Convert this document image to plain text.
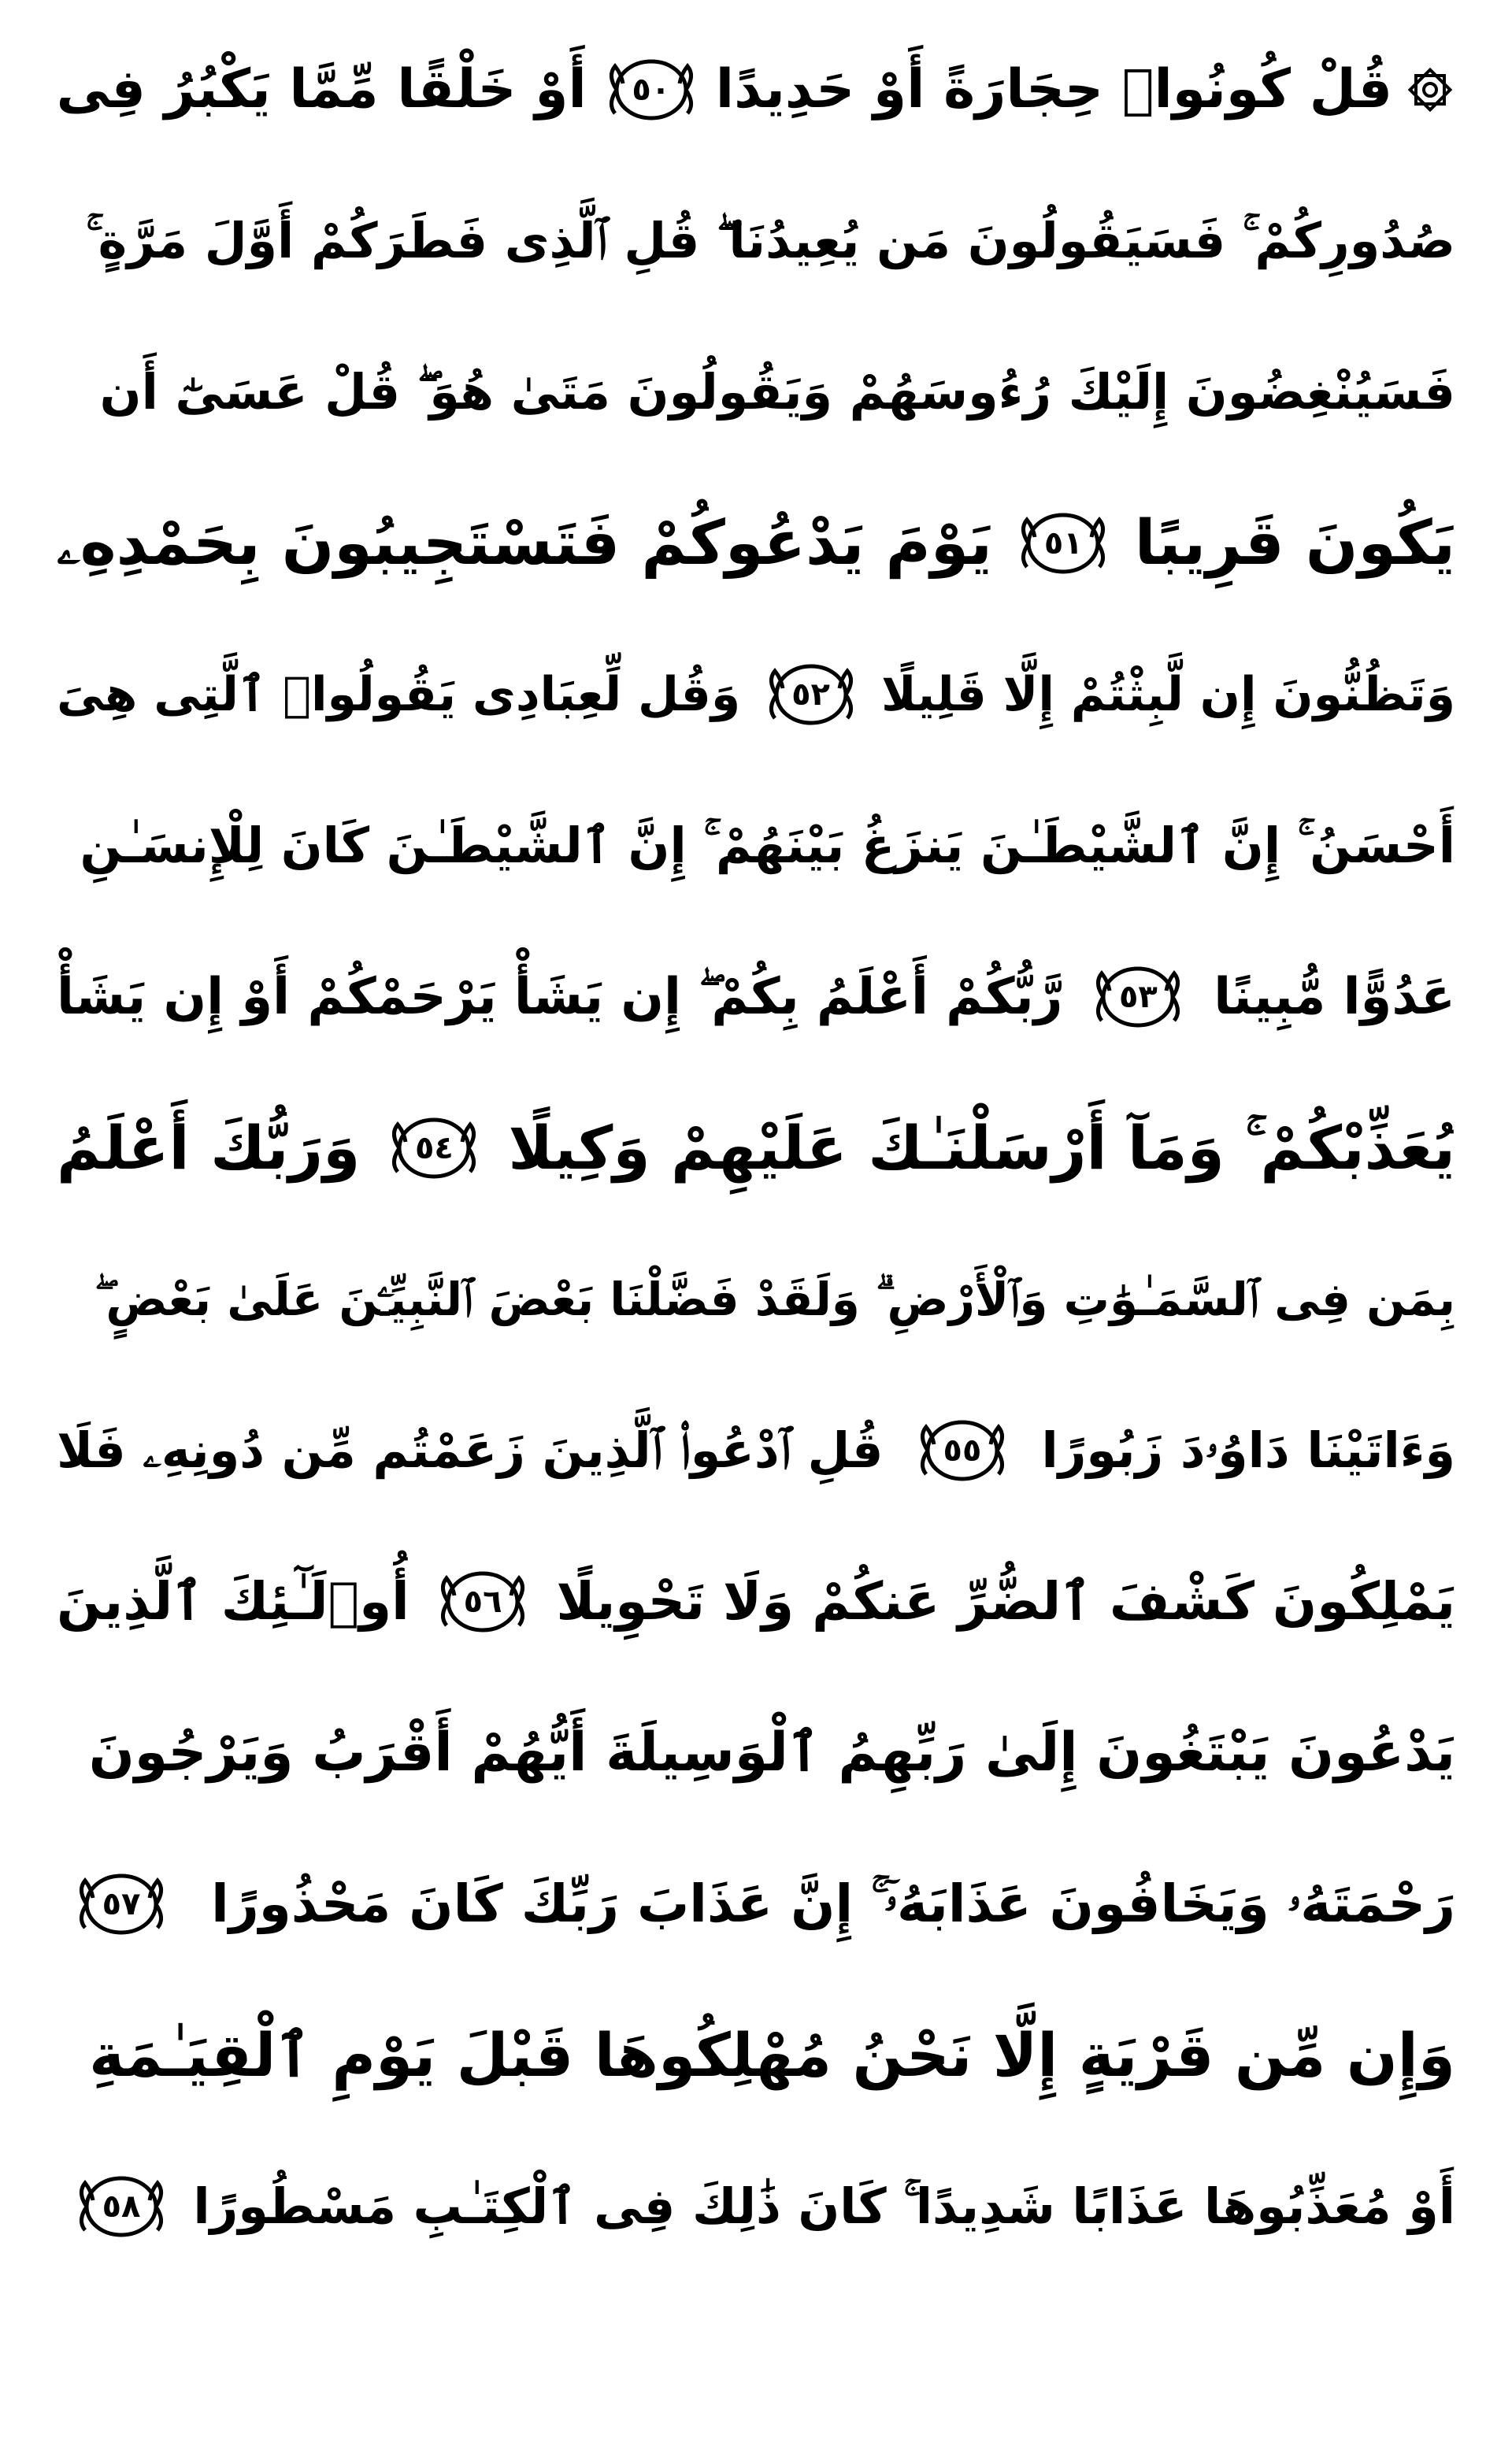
قُلْ كُونُوا۟ حِجَارَةً أَوْ حَدِيدًا
٥٠
أَوْ خَلْقًا مِّمَّا يَكْبُرُ فِى
صُدُورِكُمْ ۚ فَسَيَقُولُونَ مَن يُعِيدُنَا ۖ قُلِ ٱلَّذِى فَطَرَكُمْ أَوَّلَ مَرَّةٍ ۚ
فَسَيُنْغِضُونَ إِلَيْكَ رُءُوسَهُمْ وَيَقُولُونَ مَتَىٰ هُوَ ۖ قُلْ عَسَىٰٓ أَن
يَكُونَ قَرِيبًا
٥١
يَوْمَ يَدْعُوكُمْ فَتَسْتَجِيبُونَ بِحَمْدِهِۦ
وَتَظُنُّونَ إِن لَّبِثْتُمْ إِلَّا قَلِيلًا
٥٢
وَقُل لِّعِبَادِى يَقُولُوا۟ ٱلَّتِى هِىَ
أَحْسَنُ ۚ إِنَّ ٱلشَّيْطَـٰنَ يَنزَغُ بَيْنَهُمْ ۚ إِنَّ ٱلشَّيْطَـٰنَ كَانَ لِلْإِنسَـٰنِ
عَدُوًّا مُّبِينًا
٥٣
رَّبُّكُمْ أَعْلَمُ بِكُمْ ۖ إِن يَشَأْ يَرْحَمْكُمْ أَوْ إِن يَشَأْ
يُعَذِّبْكُمْ ۚ وَمَآ أَرْسَلْنَـٰكَ عَلَيْهِمْ وَكِيلًا
٥٤
وَرَبُّكَ أَعْلَمُ
بِمَن فِى ٱلسَّمَـٰوَٰتِ وَٱلْأَرْضِ ۗ وَلَقَدْ فَضَّلْنَا بَعْضَ ٱلنَّبِيِّـۧنَ عَلَىٰ بَعْضٍ ۖ
وَءَاتَيْنَا دَاوُۥدَ زَبُورًا
٥٥
قُلِ ٱدْعُوا۟ ٱلَّذِينَ زَعَمْتُم مِّن دُونِهِۦ فَلَا
يَمْلِكُونَ كَشْفَ ٱلضُّرِّ عَنكُمْ وَلَا تَحْوِيلًا
٥٦
أُو۟لَـٰٓئِكَ ٱلَّذِينَ
يَدْعُونَ يَبْتَغُونَ إِلَىٰ رَبِّهِمُ ٱلْوَسِيلَةَ أَيُّهُمْ أَقْرَبُ وَيَرْجُونَ
رَحْمَتَهُۥ وَيَخَافُونَ عَذَابَهُۥٓ ۚ إِنَّ عَذَابَ رَبِّكَ كَانَ مَحْذُورًا
٥٧
وَإِن مِّن قَرْيَةٍ إِلَّا نَحْنُ مُهْلِكُوهَا قَبْلَ يَوْمِ ٱلْقِيَـٰمَةِ
أَوْ مُعَذِّبُوهَا عَذَابًا شَدِيدًا ۚ كَانَ ذَٰلِكَ فِى ٱلْكِتَـٰبِ مَسْطُورًا
٥٨
